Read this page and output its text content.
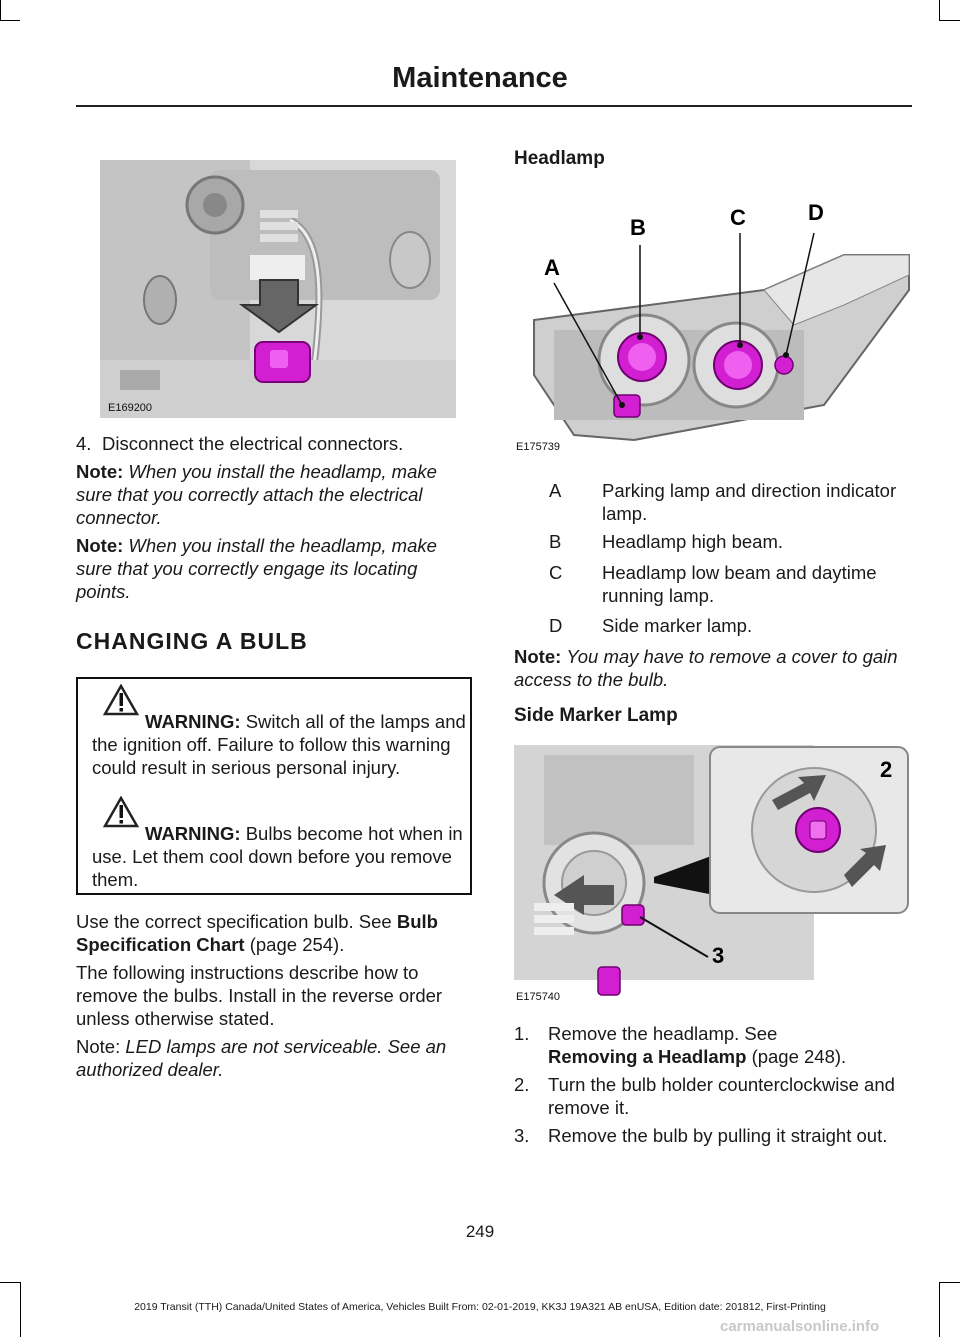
Maintenance
E169200
4. Disconnect the electrical connectors.
Note: When you install the headlamp, make sure that you correctly attach the electrical connector.
Note: When you install the headlamp, make sure that you correctly engage its locating points.
CHANGING A BULB
WARNING: Switch all of the lamps and the ignition off. Failure to follow this warning could result in serious personal injury.
WARNING: Bulbs become hot when in use. Let them cool down before you remove them.
Use the correct specification bulb. See Bulb Specification Chart (page 254).
The following instructions describe how to remove the bulbs. Install in the reverse order unless otherwise stated.
Note: LED lamps are not serviceable. See an authorized dealer.
Headlamp
A
B	C	D
E175739
A Parking lamp and direction indicator lamp.
B Headlamp high beam.
C Headlamp low beam and daytime running lamp.
D Side marker lamp.
Note: You may have to remove a cover to gain access to the bulb.
Side Marker Lamp
2
3
E175740
1. Remove the headlamp. See
Removing a Headlamp (page 248).
2. Turn the bulb holder counterclockwise and remove it.
3. Remove the bulb by pulling it straight out.
249
2019 Transit (TTH) Canada/United States of America, Vehicles Built From: 02-01-2019, KK3J 19A321 AB enUSA, Edition date: 201812, First-Printing
carmanualsonline.info
